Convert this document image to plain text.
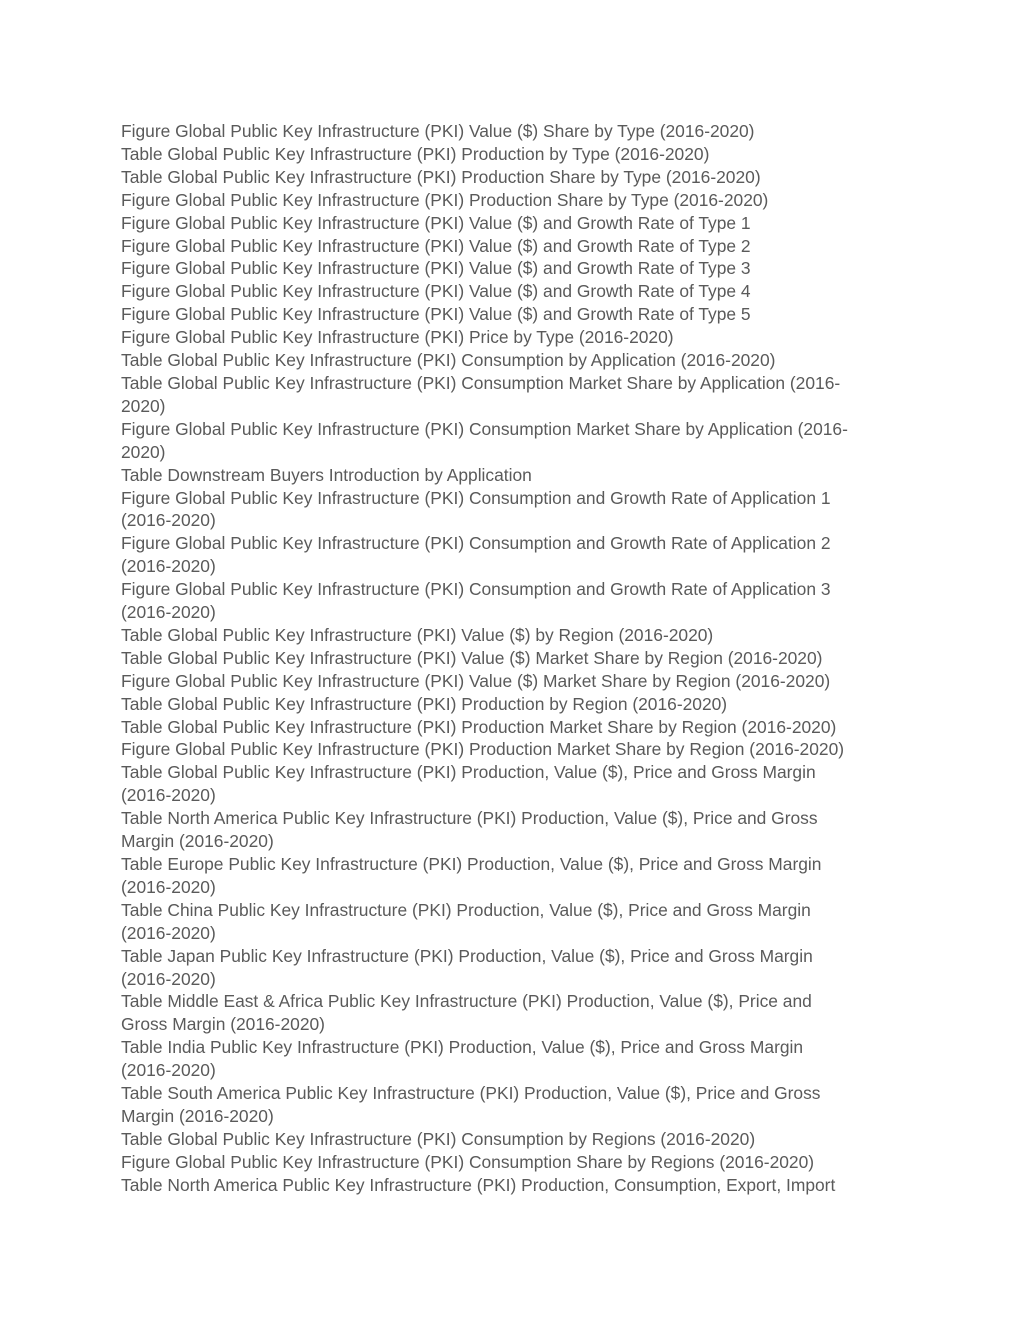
Figure Global Public Key Infrastructure (PKI) Value ($) Share by Type (2016-2020)
Table Global Public Key Infrastructure (PKI) Production by Type (2016-2020)
Table Global Public Key Infrastructure (PKI) Production Share by Type (2016-2020)
Figure Global Public Key Infrastructure (PKI) Production Share by Type (2016-2020)
Figure Global Public Key Infrastructure (PKI) Value ($) and Growth Rate of Type 1
Figure Global Public Key Infrastructure (PKI) Value ($) and Growth Rate of Type 2
Figure Global Public Key Infrastructure (PKI) Value ($) and Growth Rate of Type 3
Figure Global Public Key Infrastructure (PKI) Value ($) and Growth Rate of Type 4
Figure Global Public Key Infrastructure (PKI) Value ($) and Growth Rate of Type 5
Figure Global Public Key Infrastructure (PKI) Price by Type (2016-2020)
Table Global Public Key Infrastructure (PKI) Consumption by Application (2016-2020)
Table Global Public Key Infrastructure (PKI) Consumption Market Share by Application (2016-
2020)
Figure Global Public Key Infrastructure (PKI) Consumption Market Share by Application (2016-
2020)
Table Downstream Buyers Introduction by Application
Figure Global Public Key Infrastructure (PKI) Consumption and Growth Rate of Application 1
(2016-2020)
Figure Global Public Key Infrastructure (PKI) Consumption and Growth Rate of Application 2
(2016-2020)
Figure Global Public Key Infrastructure (PKI) Consumption and Growth Rate of Application 3
(2016-2020)
Table Global Public Key Infrastructure (PKI) Value ($) by Region (2016-2020)
Table Global Public Key Infrastructure (PKI) Value ($) Market Share by Region (2016-2020)
Figure Global Public Key Infrastructure (PKI) Value ($) Market Share by Region (2016-2020)
Table Global Public Key Infrastructure (PKI) Production by Region (2016-2020)
Table Global Public Key Infrastructure (PKI) Production Market Share by Region (2016-2020)
Figure Global Public Key Infrastructure (PKI) Production Market Share by Region (2016-2020)
Table Global Public Key Infrastructure (PKI) Production, Value ($), Price and Gross Margin
(2016-2020)
Table North America Public Key Infrastructure (PKI) Production, Value ($), Price and Gross
Margin (2016-2020)
Table Europe Public Key Infrastructure (PKI) Production, Value ($), Price and Gross Margin
(2016-2020)
Table China Public Key Infrastructure (PKI) Production, Value ($), Price and Gross Margin
(2016-2020)
Table Japan Public Key Infrastructure (PKI) Production, Value ($), Price and Gross Margin
(2016-2020)
Table Middle East & Africa Public Key Infrastructure (PKI) Production, Value ($), Price and
Gross Margin (2016-2020)
Table India Public Key Infrastructure (PKI) Production, Value ($), Price and Gross Margin
(2016-2020)
Table South America Public Key Infrastructure (PKI) Production, Value ($), Price and Gross
Margin (2016-2020)
Table Global Public Key Infrastructure (PKI) Consumption by Regions (2016-2020)
Figure Global Public Key Infrastructure (PKI) Consumption Share by Regions (2016-2020)
Table North America Public Key Infrastructure (PKI) Production, Consumption, Export, Import
